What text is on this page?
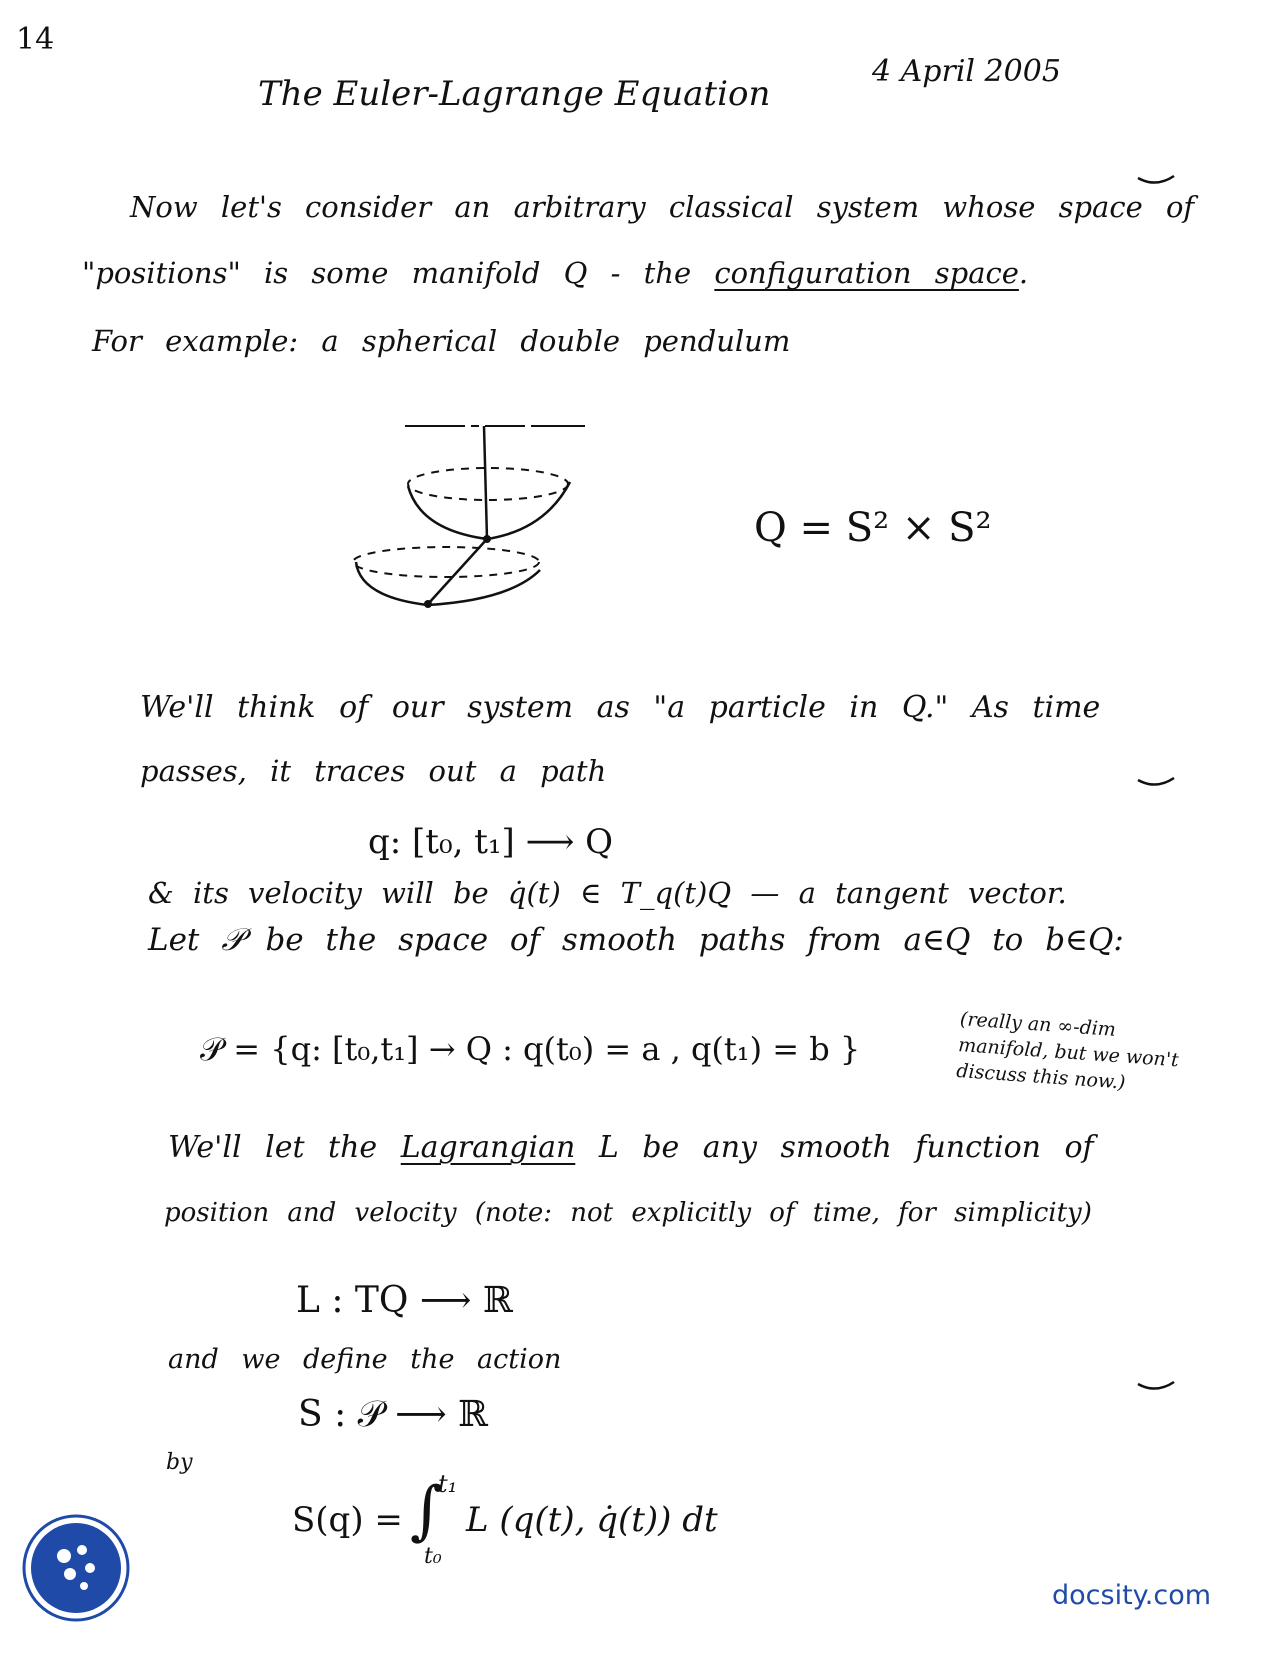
14
The Euler-Lagrange Equation
4 April 2005
Now let's consider an arbitrary classical system whose space of
"positions" is some manifold Q - the configuration space.
For example: a spherical double pendulum
Q = S² × S²
We'll think of our system as "a particle in Q." As time
passes, it traces out a path
q: [t₀, t₁] ⟶ Q
& its velocity will be q̇(t) ∈ T_q(t)Q — a tangent vector.
Let 𝒫 be the space of smooth paths from a∈Q to b∈Q:
𝒫 = {q: [t₀,t₁] → Q : q(t₀) = a , q(t₁) = b }
(really an ∞-dim manifold, but we won't discuss this now.)
We'll let the Lagrangian L be any smooth function of
position and velocity (note: not explicitly of time, for simplicity)
L : TQ ⟶ ℝ
and we define the action
S : 𝒫 ⟶ ℝ
by
S(q) = ∫
t₁
t₀
L (q(t), q̇(t)) dt
docsity.com
